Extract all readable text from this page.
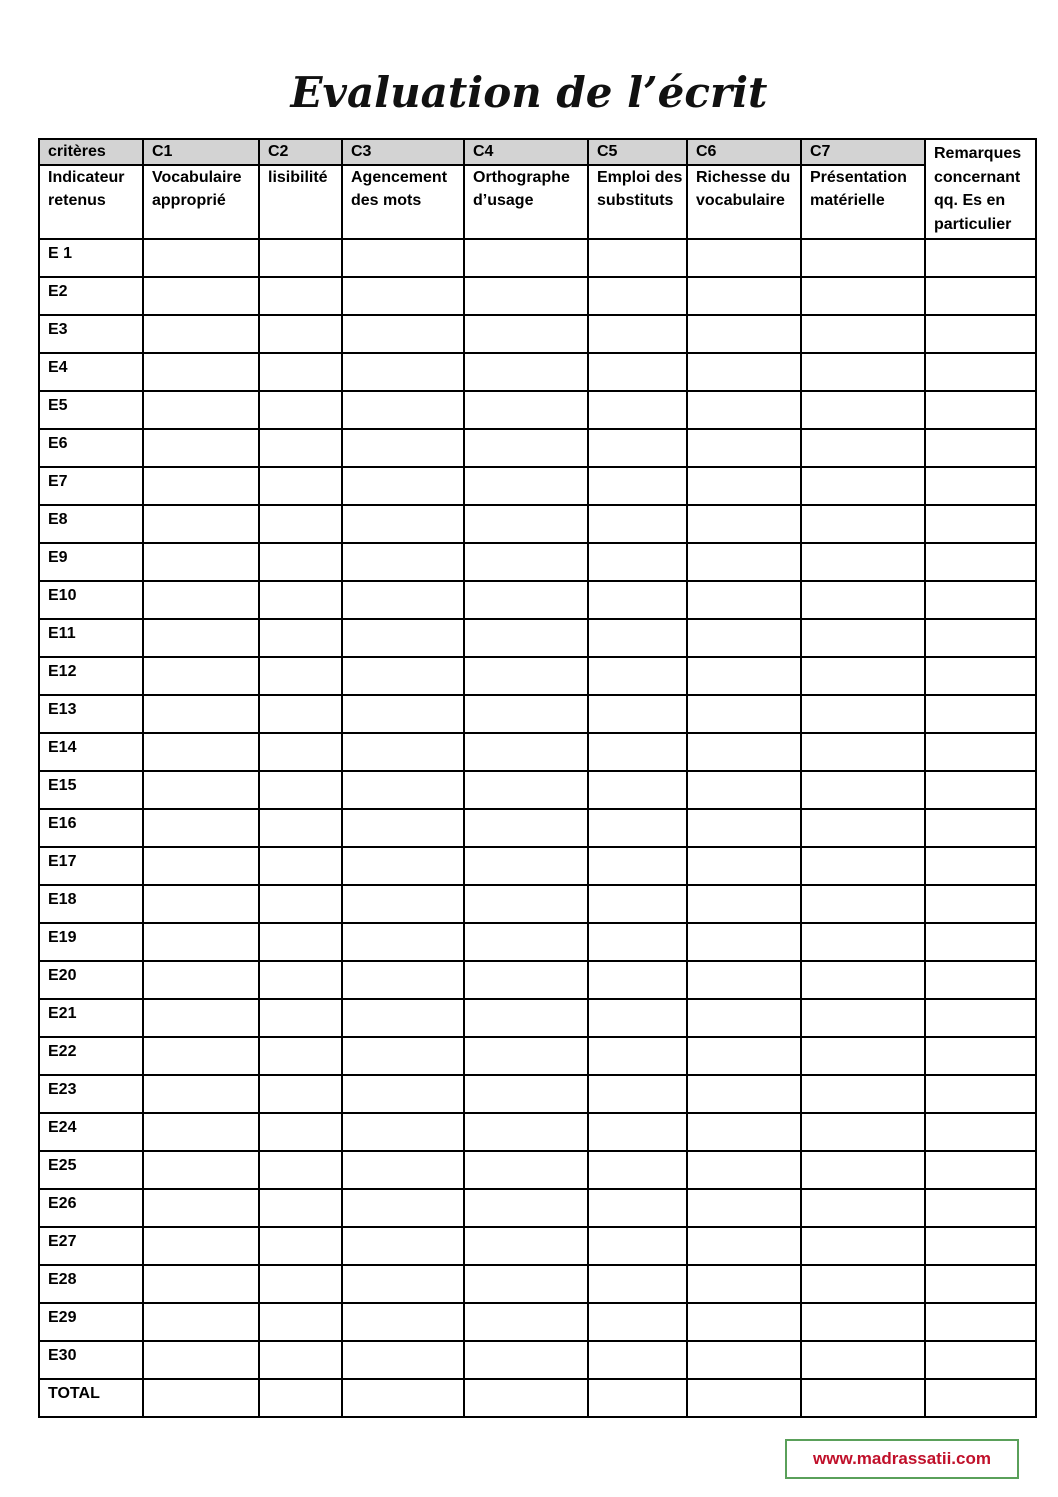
Evaluation de l’écrit
critères	C1	C2	C3	C4	C5	C6	C7	Remarques concernant qq. Es en particulier
Indicateur retenus	Vocabulaire approprié	lisibilité	Agencement des mots	Orthographe d’usage	Emploi des substituts	Richesse du vocabulaire	Présentation matérielle	
E 1								
E2								
E3								
E4								
E5								
E6								
E7								
E8								
E9								
E10								
E11								
E12								
E13								
E14								
E15								
E16								
E17								
E18								
E19								
E20								
E21								
E22								
E23								
E24								
E25								
E26								
E27								
E28								
E29								
E30								
TOTAL								
www.madrassatii.com
